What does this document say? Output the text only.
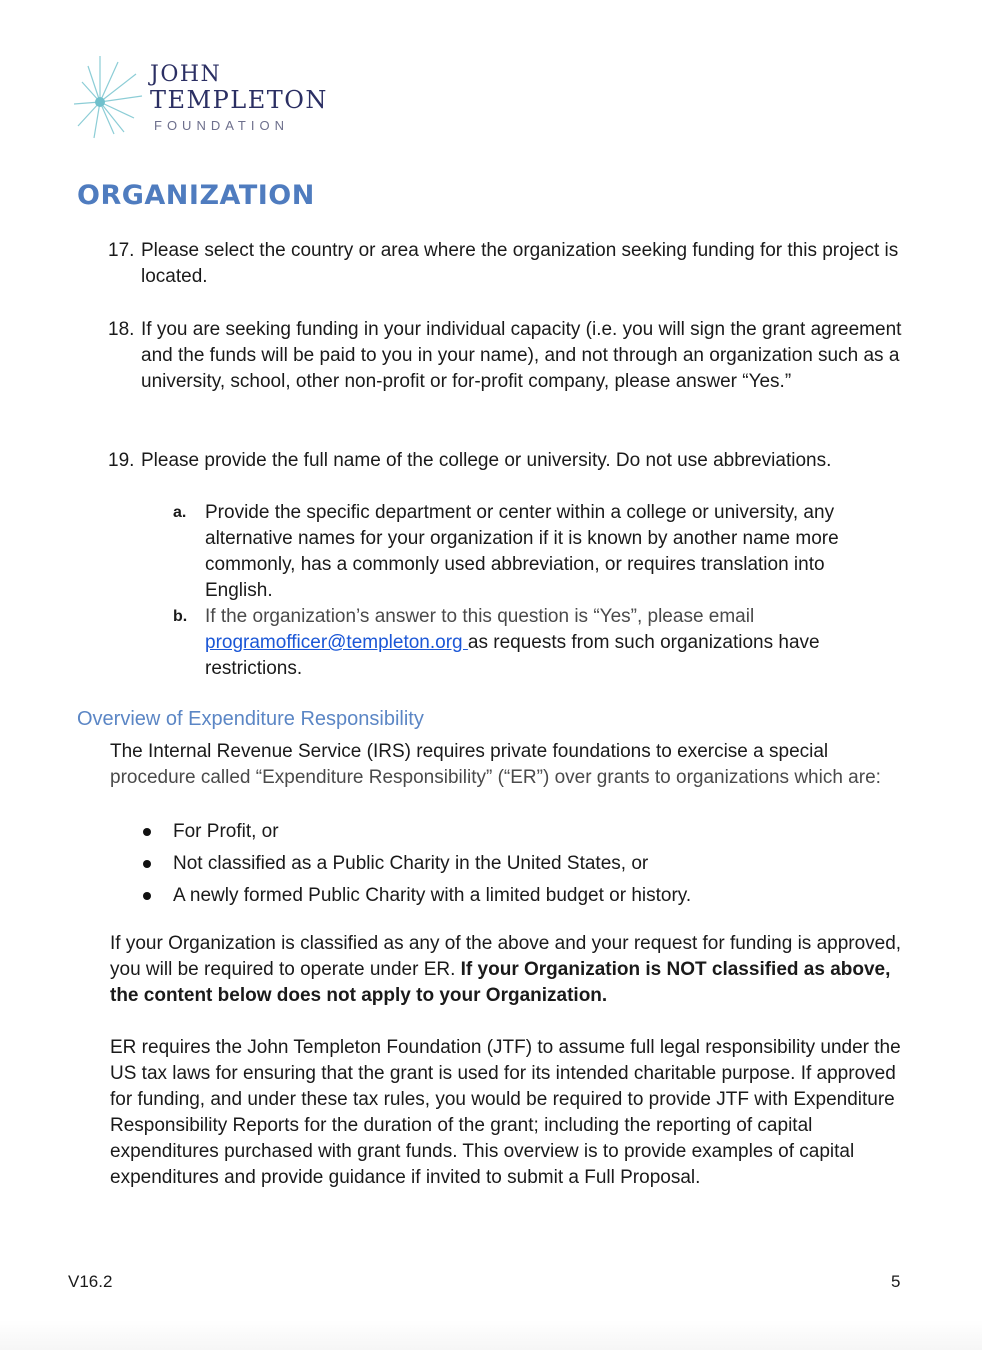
JOHN
TEMPLETON
FOUNDATION
ORGANIZATION
17. Please select the country or area where the organization seeking funding for this project is located.
18. If you are seeking funding in your individual capacity (i.e. you will sign the grant agreement and the funds will be paid to you in your name), and not through an organization such as a university, school, other non-profit or for-profit company, please answer “Yes.”
19. Please provide the full name of the college or university. Do not use abbreviations.
a. Provide the specific department or center within a college or university, any alternative names for your organization if it is known by another name more commonly, has a commonly used abbreviation, or requires translation into English.
b. If the organization’s answer to this question is “Yes”, please email programofficer@templeton.org as requests from such organizations have restrictions.
Overview of Expenditure Responsibility

The Internal Revenue Service (IRS) requires private foundations to exercise a special
procedure called “Expenditure Responsibility” (“ER”) over grants to organizations which are:

For Profit, or
Not classified as a Public Charity in the United States, or
A newly formed Public Charity with a limited budget or history.

If your Organization is classified as any of the above and your request for funding is approved, you will be required to operate under ER. If your Organization is NOT classified as above, the content below does not apply to your Organization.

ER requires the John Templeton Foundation (JTF) to assume full legal responsibility under the US tax laws for ensuring that the grant is used for its intended charitable purpose. If approved for funding, and under these tax rules, you would be required to provide JTF with Expenditure Responsibility Reports for the duration of the grant; including the reporting of capital expenditures purchased with grant funds. This overview is to provide examples of capital expenditures and provide guidance if invited to submit a Full Proposal.

V16.2	5
